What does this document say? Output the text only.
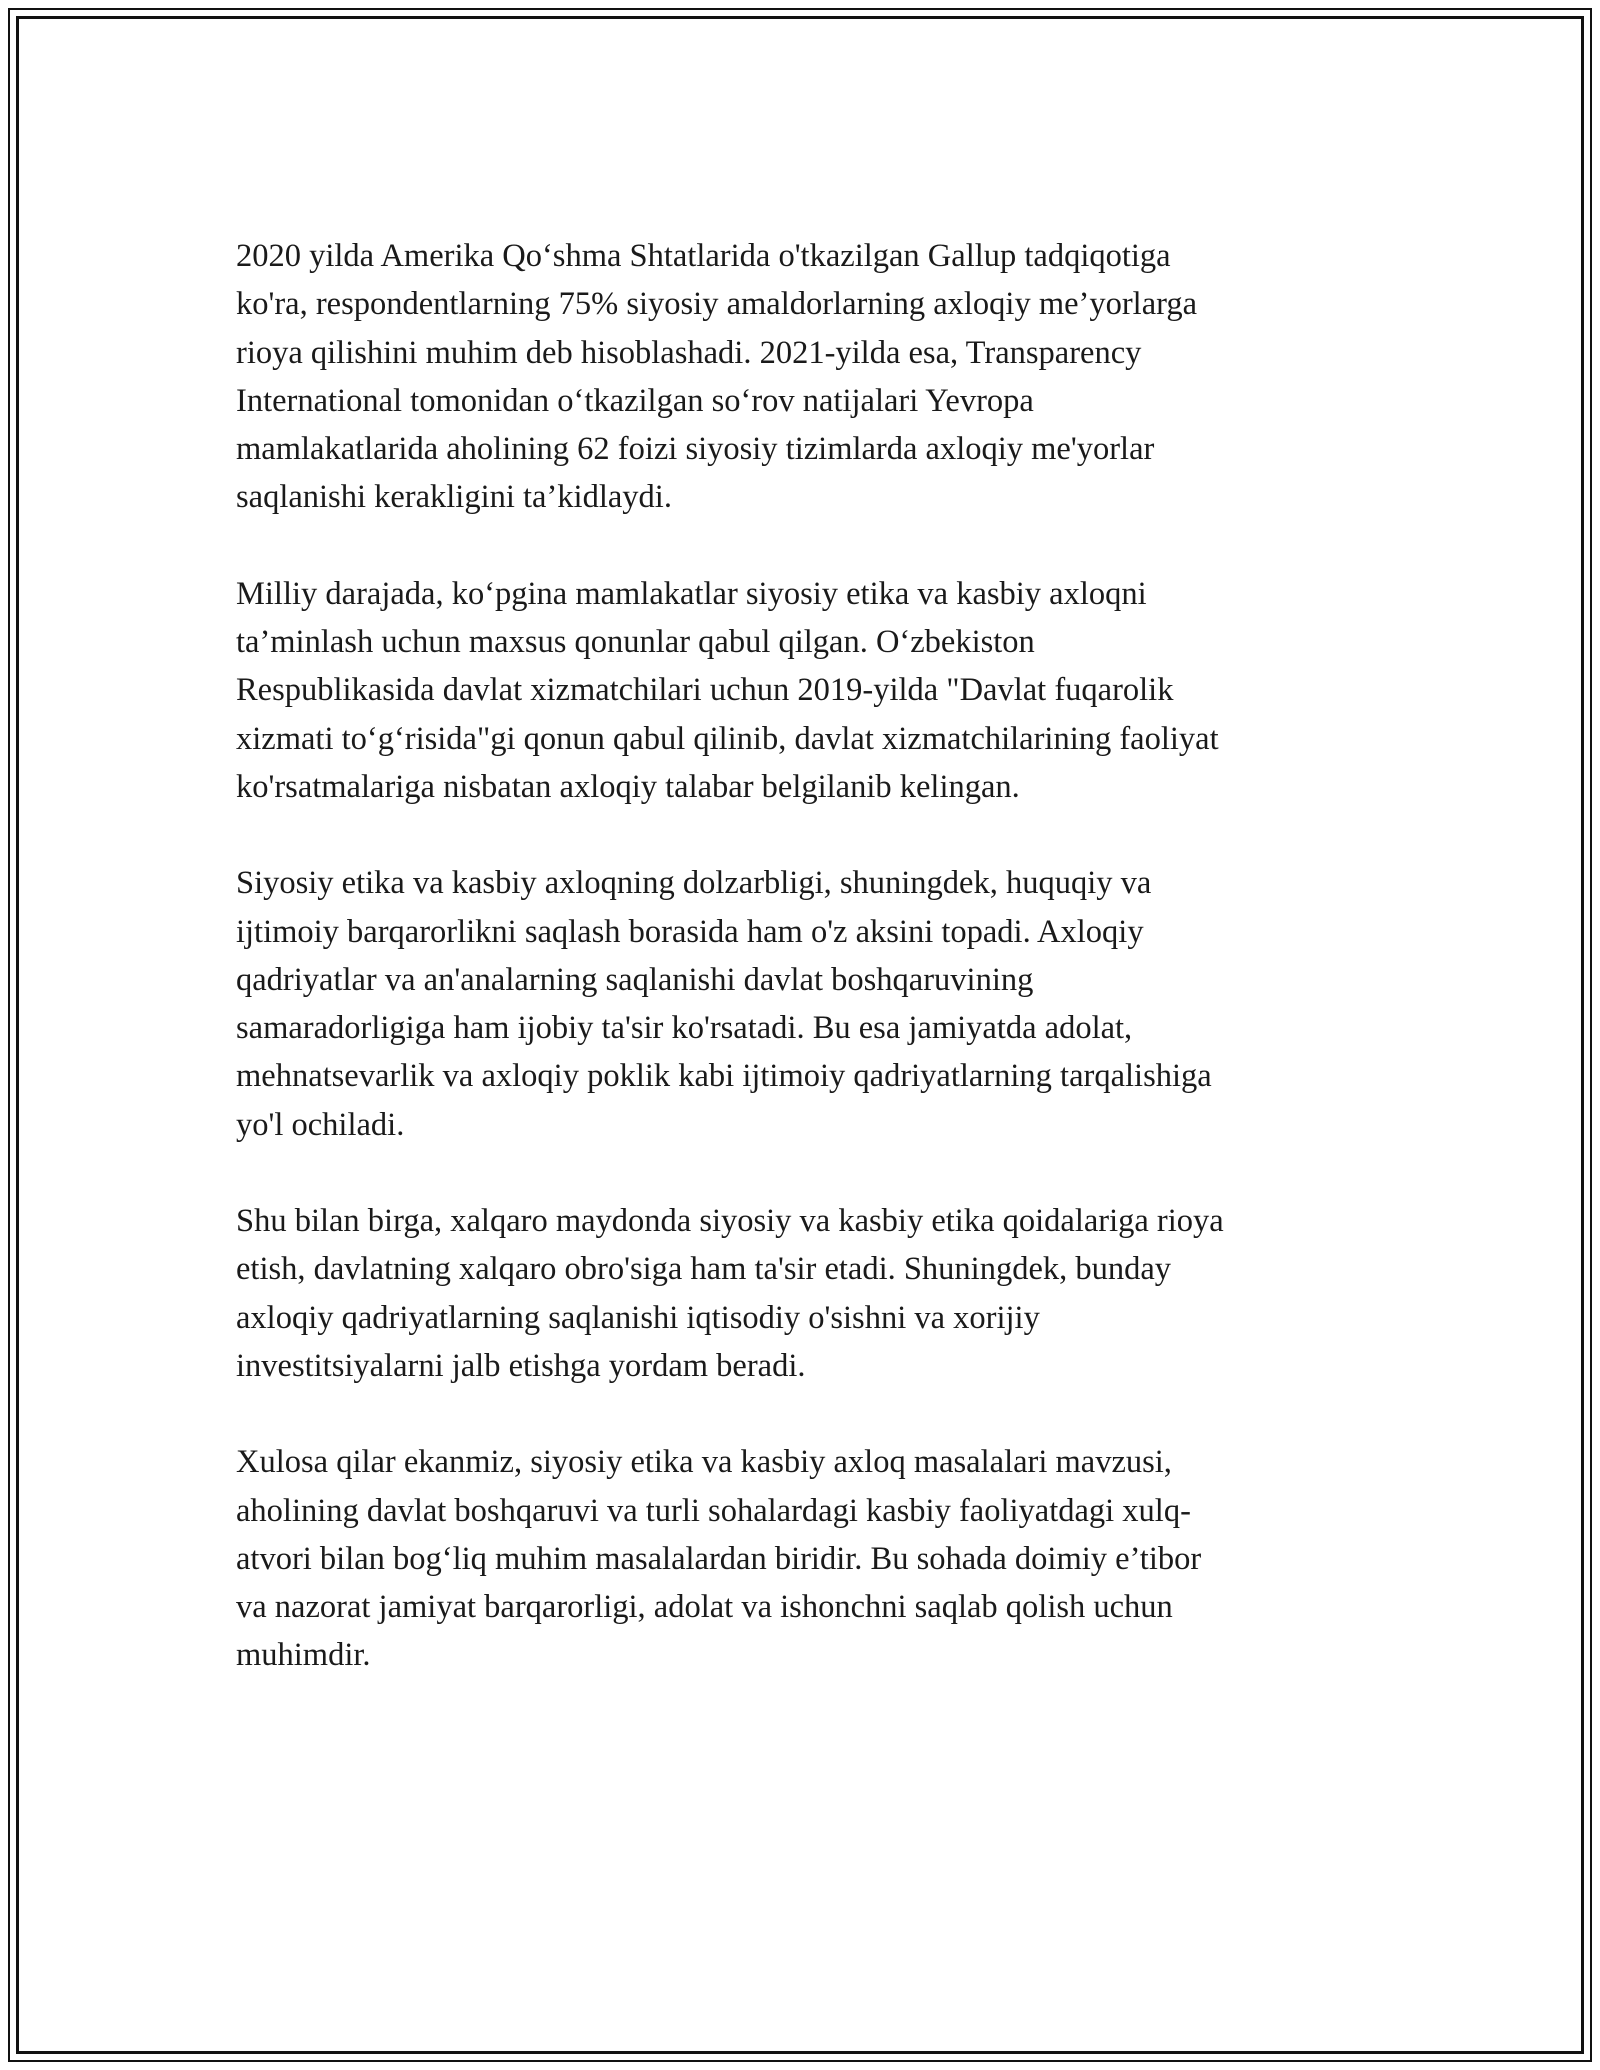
2020 yilda Amerika Qo‘shma Shtatlarida o'tkazilgan Gallup tadqiqotiga
ko'ra, respondentlarning 75% siyosiy amaldorlarning axloqiy me’yorlarga
rioya qilishini muhim deb hisoblashadi. 2021-yilda esa, Transparency
International tomonidan o‘tkazilgan so‘rov natijalari Yevropa
mamlakatlarida aholining 62 foizi siyosiy tizimlarda axloqiy me'yorlar
saqlanishi kerakligini ta’kidlaydi.

Milliy darajada, ko‘pgina mamlakatlar siyosiy etika va kasbiy axloqni
ta’minlash uchun maxsus qonunlar qabul qilgan. O‘zbekiston
Respublikasida davlat xizmatchilari uchun 2019-yilda "Davlat fuqarolik
xizmati to‘g‘risida"gi qonun qabul qilinib, davlat xizmatchilarining faoliyat
ko'rsatmalariga nisbatan axloqiy talabar belgilanib kelingan.

Siyosiy etika va kasbiy axloqning dolzarbligi, shuningdek, huquqiy va
ijtimoiy barqarorlikni saqlash borasida ham o'z aksini topadi. Axloqiy
qadriyatlar va an'analarning saqlanishi davlat boshqaruvining
samaradorligiga ham ijobiy ta'sir ko'rsatadi. Bu esa jamiyatda adolat,
mehnatsevarlik va axloqiy poklik kabi ijtimoiy qadriyatlarning tarqalishiga
yo'l ochiladi.

Shu bilan birga, xalqaro maydonda siyosiy va kasbiy etika qoidalariga rioya
etish, davlatning xalqaro obro'siga ham ta'sir etadi. Shuningdek, bunday
axloqiy qadriyatlarning saqlanishi iqtisodiy o'sishni va xorijiy
investitsiyalarni jalb etishga yordam beradi.

Xulosa qilar ekanmiz, siyosiy etika va kasbiy axloq masalalari mavzusi,
aholining davlat boshqaruvi va turli sohalardagi kasbiy faoliyatdagi xulq-
atvori bilan bog‘liq muhim masalalardan biridir. Bu sohada doimiy e’tibor
va nazorat jamiyat barqarorligi, adolat va ishonchni saqlab qolish uchun
muhimdir.
